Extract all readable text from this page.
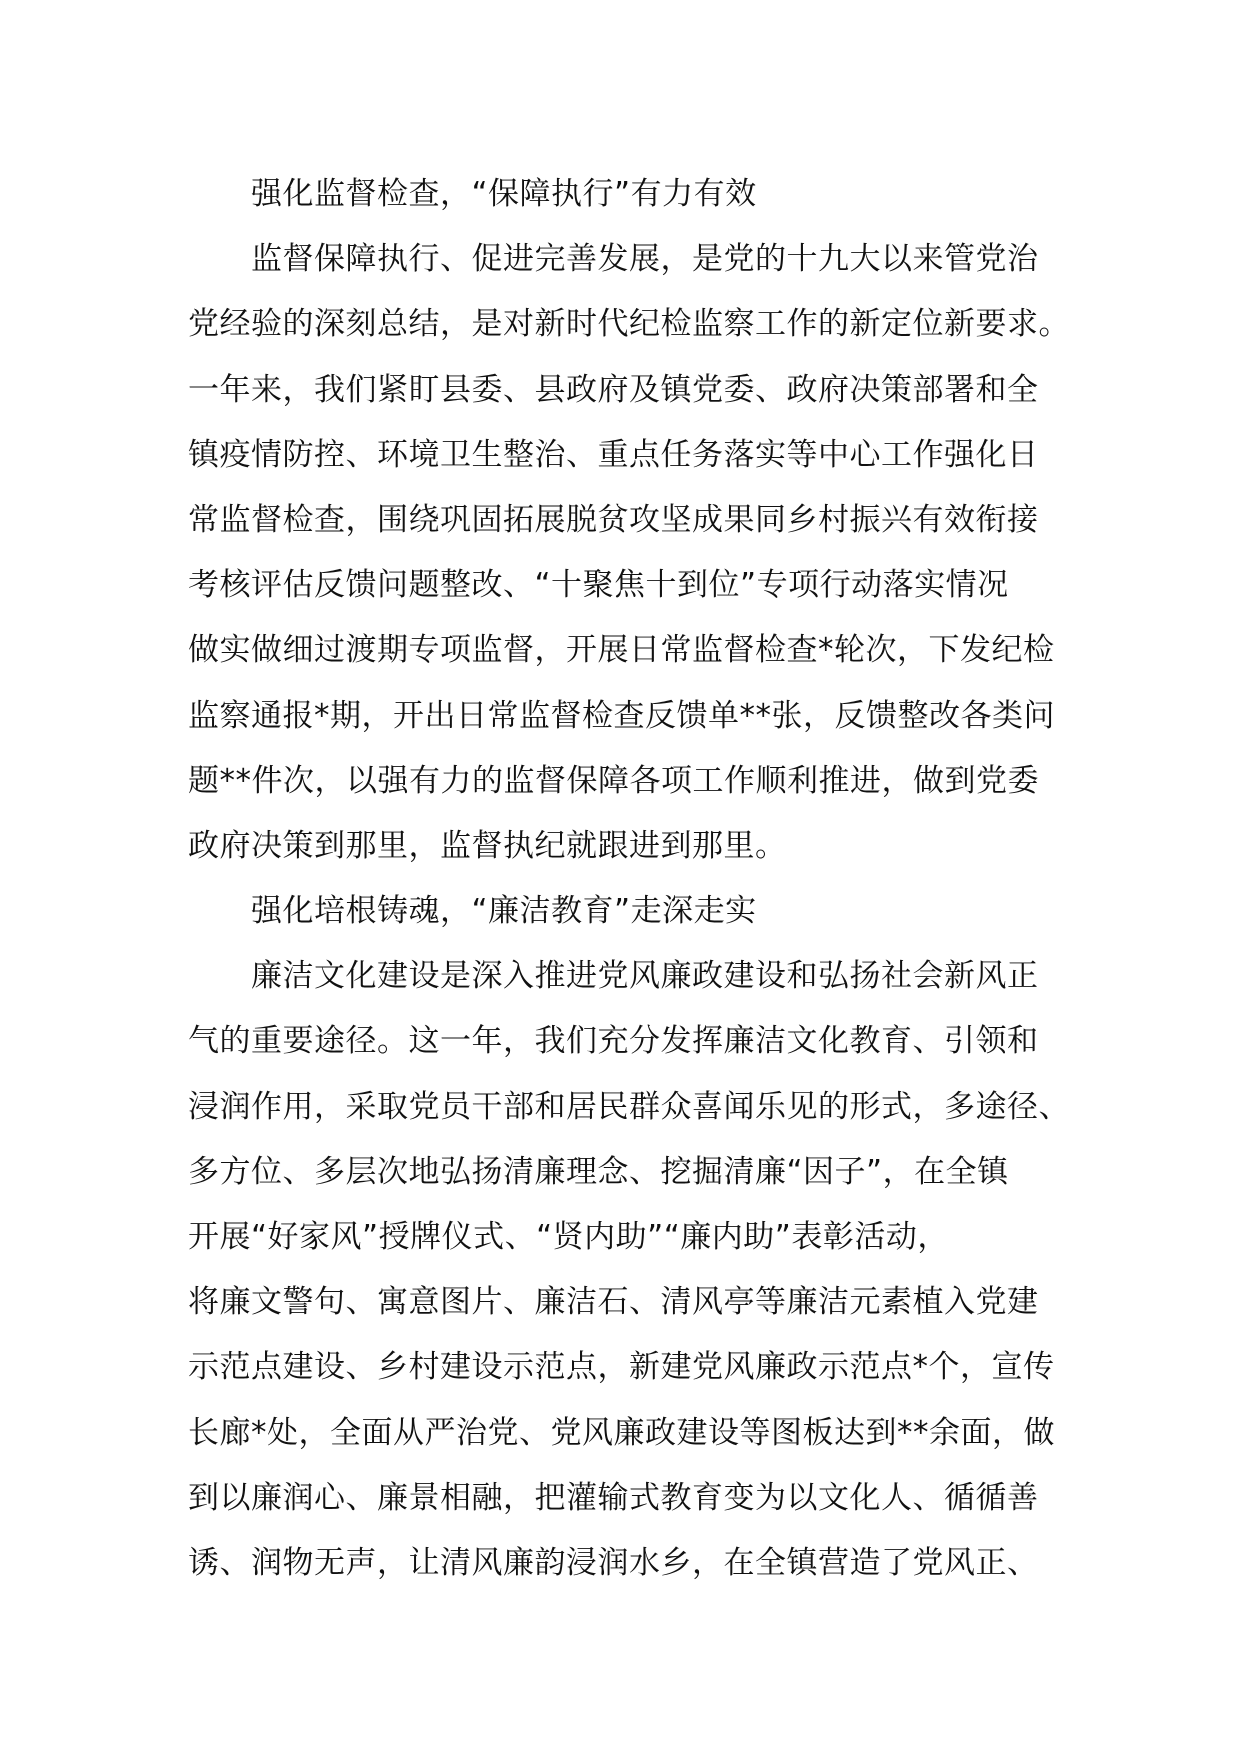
强化监督检查，“保障执行”有力有效
监督保障执行、促进完善发展，是党的十九大以来管党治
党经验的深刻总结，是对新时代纪检监察工作的新定位新要求。
一年来，我们紧盯县委、县政府及镇党委、政府决策部署和全
镇疫情防控、环境卫生整治、重点任务落实等中心工作强化日
常监督检查，围绕巩固拓展脱贫攻坚成果同乡村振兴有效衔接
考核评估反馈问题整改、“十聚焦十到位”专项行动落实情况
做实做细过渡期专项监督，开展日常监督检查*轮次，下发纪检
监察通报*期，开出日常监督检查反馈单**张，反馈整改各类问
题**件次，以强有力的监督保障各项工作顺利推进，做到党委
政府决策到那里，监督执纪就跟进到那里。
强化培根铸魂，“廉洁教育”走深走实
廉洁文化建设是深入推进党风廉政建设和弘扬社会新风正
气的重要途径。这一年，我们充分发挥廉洁文化教育、引领和
浸润作用，采取党员干部和居民群众喜闻乐见的形式，多途径、
多方位、多层次地弘扬清廉理念、挖掘清廉“因子”，在全镇
开展“好家风”授牌仪式、“贤内助”“廉内助”表彰活动，
将廉文警句、寓意图片、廉洁石、清风亭等廉洁元素植入党建
示范点建设、乡村建设示范点，新建党风廉政示范点*个，宣传
长廊*处，全面从严治党、党风廉政建设等图板达到**余面，做
到以廉润心、廉景相融，把灌输式教育变为以文化人、循循善
诱、润物无声，让清风廉韵浸润水乡，在全镇营造了党风正、
